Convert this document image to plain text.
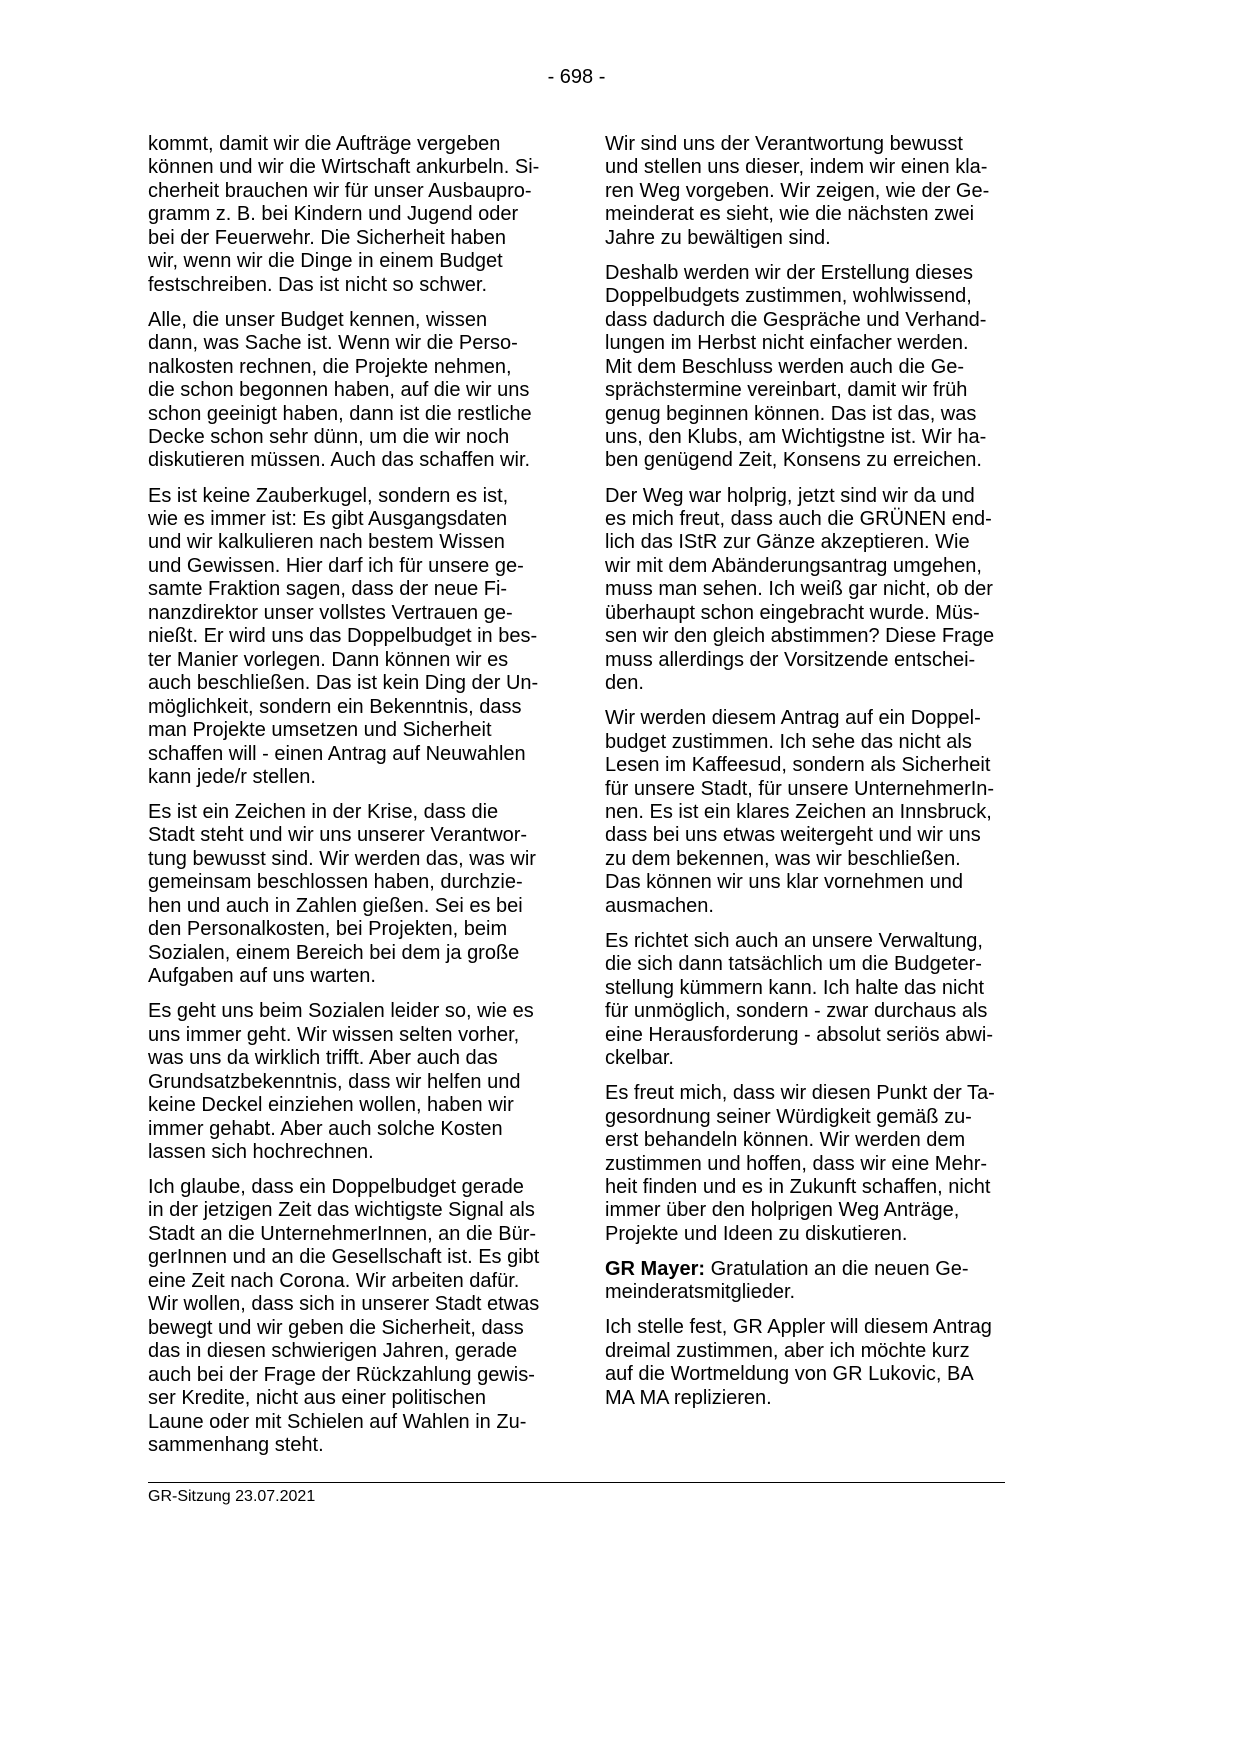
- 698 -

kommt, damit wir die Aufträge vergeben
können und wir die Wirtschaft ankurbeln. Si-
cherheit brauchen wir für unser Ausbaupro-
gramm z. B. bei Kindern und Jugend oder
bei der Feuerwehr. Die Sicherheit haben
wir, wenn wir die Dinge in einem Budget
festschreiben. Das ist nicht so schwer.

Alle, die unser Budget kennen, wissen
dann, was Sache ist. Wenn wir die Perso-
nalkosten rechnen, die Projekte nehmen,
die schon begonnen haben, auf die wir uns
schon geeinigt haben, dann ist die restliche
Decke schon sehr dünn, um die wir noch
diskutieren müssen. Auch das schaffen wir.

Es ist keine Zauberkugel, sondern es ist,
wie es immer ist: Es gibt Ausgangsdaten
und wir kalkulieren nach bestem Wissen
und Gewissen. Hier darf ich für unsere ge-
samte Fraktion sagen, dass der neue Fi-
nanzdirektor unser vollstes Vertrauen ge-
nießt. Er wird uns das Doppelbudget in bes-
ter Manier vorlegen. Dann können wir es
auch beschließen. Das ist kein Ding der Un-
möglichkeit, sondern ein Bekenntnis, dass
man Projekte umsetzen und Sicherheit
schaffen will - einen Antrag auf Neuwahlen
kann jede/r stellen.

Es ist ein Zeichen in der Krise, dass die
Stadt steht und wir uns unserer Verantwor-
tung bewusst sind. Wir werden das, was wir
gemeinsam beschlossen haben, durchzie-
hen und auch in Zahlen gießen. Sei es bei
den Personalkosten, bei Projekten, beim
Sozialen, einem Bereich bei dem ja große
Aufgaben auf uns warten.

Es geht uns beim Sozialen leider so, wie es
uns immer geht. Wir wissen selten vorher,
was uns da wirklich trifft. Aber auch das
Grundsatzbekenntnis, dass wir helfen und
keine Deckel einziehen wollen, haben wir
immer gehabt. Aber auch solche Kosten
lassen sich hochrechnen.

Ich glaube, dass ein Doppelbudget gerade
in der jetzigen Zeit das wichtigste Signal als
Stadt an die UnternehmerInnen, an die Bür-
gerInnen und an die Gesellschaft ist. Es gibt
eine Zeit nach Corona. Wir arbeiten dafür.
Wir wollen, dass sich in unserer Stadt etwas
bewegt und wir geben die Sicherheit, dass
das in diesen schwierigen Jahren, gerade
auch bei der Frage der Rückzahlung gewis-
ser Kredite, nicht aus einer politischen
Laune oder mit Schielen auf Wahlen in Zu-
sammenhang steht.

Wir sind uns der Verantwortung bewusst
und stellen uns dieser, indem wir einen kla-
ren Weg vorgeben. Wir zeigen, wie der Ge-
meinderat es sieht, wie die nächsten zwei
Jahre zu bewältigen sind.

Deshalb werden wir der Erstellung dieses
Doppelbudgets zustimmen, wohlwissend,
dass dadurch die Gespräche und Verhand-
lungen im Herbst nicht einfacher werden.
Mit dem Beschluss werden auch die Ge-
sprächstermine vereinbart, damit wir früh
genug beginnen können. Das ist das, was
uns, den Klubs, am Wichtigstne ist. Wir ha-
ben genügend Zeit, Konsens zu erreichen.

Der Weg war holprig, jetzt sind wir da und
es mich freut, dass auch die GRÜNEN end-
lich das IStR zur Gänze akzeptieren. Wie
wir mit dem Abänderungsantrag umgehen,
muss man sehen. Ich weiß gar nicht, ob der
überhaupt schon eingebracht wurde. Müs-
sen wir den gleich abstimmen? Diese Frage
muss allerdings der Vorsitzende entschei-
den.

Wir werden diesem Antrag auf ein Doppel-
budget zustimmen. Ich sehe das nicht als
Lesen im Kaffeesud, sondern als Sicherheit
für unsere Stadt, für unsere UnternehmerIn-
nen. Es ist ein klares Zeichen an Innsbruck,
dass bei uns etwas weitergeht und wir uns
zu dem bekennen, was wir beschließen.
Das können wir uns klar vornehmen und
ausmachen.

Es richtet sich auch an unsere Verwaltung,
die sich dann tatsächlich um die Budgeter-
stellung kümmern kann. Ich halte das nicht
für unmöglich, sondern - zwar durchaus als
eine Herausforderung - absolut seriös abwi-
ckelbar.

Es freut mich, dass wir diesen Punkt der Ta-
gesordnung seiner Würdigkeit gemäß zu-
erst behandeln können. Wir werden dem
zustimmen und hoffen, dass wir eine Mehr-
heit finden und es in Zukunft schaffen, nicht
immer über den holprigen Weg Anträge,
Projekte und Ideen zu diskutieren.

GR Mayer: Gratulation an die neuen Ge-
meinderatsmitglieder.

Ich stelle fest, GR Appler will diesem Antrag
dreimal zustimmen, aber ich möchte kurz
auf die Wortmeldung von GR Lukovic, BA
MA MA replizieren.

GR-Sitzung 23.07.2021
